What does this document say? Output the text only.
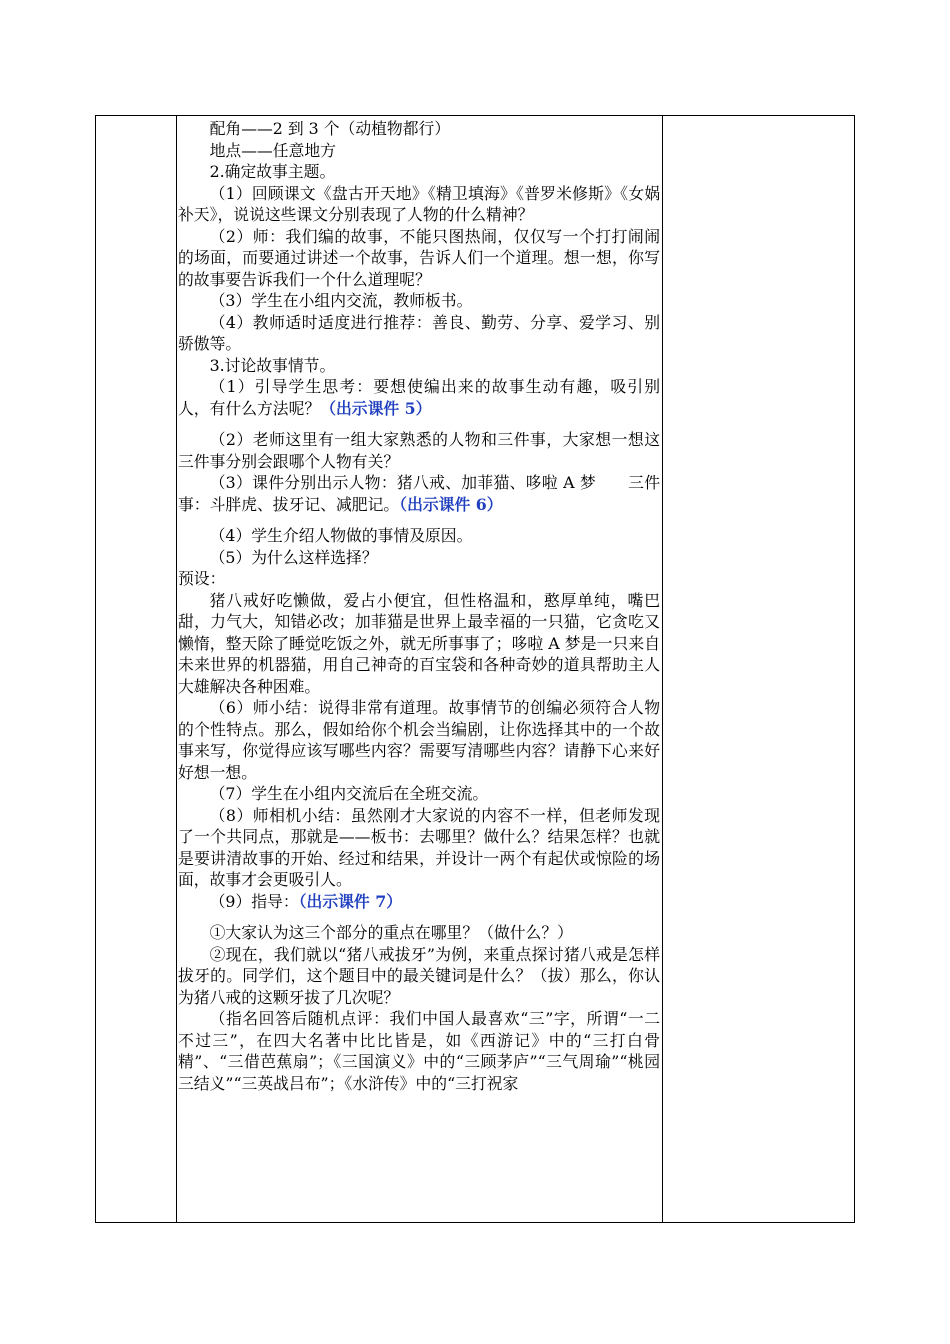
配角——2 到 3 个（动植物都行）

地点——任意地方

2.确定故事主题。

（1）回顾课文《盘古开天地》《精卫填海》《普罗米修斯》《女娲补天》，说说这些课文分别表现了人物的什么精神？

（2）师：我们编的故事，不能只图热闹，仅仅写一个打打闹闹的场面，而要通过讲述一个故事，告诉人们一个道理。想一想，你写的故事要告诉我们一个什么道理呢？

（3）学生在小组内交流，教师板书。

（4）教师适时适度进行推荐：善良、勤劳、分享、爱学习、别骄傲等。

3.讨论故事情节。

（1）引导学生思考：要想使编出来的故事生动有趣，吸引别人，有什么方法呢？（出示课件 5）

（2）老师这里有一组大家熟悉的人物和三件事，大家想一想这三件事分别会跟哪个人物有关？

（3）课件分别出示人物：猪八戒、加菲猫、哆啦 A 梦　　三件事：斗胖虎、拔牙记、减肥记。（出示课件 6）

（4）学生介绍人物做的事情及原因。

（5）为什么这样选择？

预设：

猪八戒好吃懒做，爱占小便宜，但性格温和，憨厚单纯，嘴巴甜，力气大，知错必改；加菲猫是世界上最幸福的一只猫，它贪吃又懒惰，整天除了睡觉吃饭之外，就无所事事了；哆啦 A 梦是一只来自未来世界的机器猫，用自己神奇的百宝袋和各种奇妙的道具帮助主人大雄解决各种困难。

（6）师小结：说得非常有道理。故事情节的创编必须符合人物的个性特点。那么，假如给你个机会当编剧，让你选择其中的一个故事来写，你觉得应该写哪些内容？需要写清哪些内容？请静下心来好好想一想。

（7）学生在小组内交流后在全班交流。

（8）师相机小结：虽然刚才大家说的内容不一样，但老师发现了一个共同点，那就是——板书：去哪里？做什么？结果怎样？也就是要讲清故事的开始、经过和结果，并设计一两个有起伏或惊险的场面，故事才会更吸引人。

（9）指导：（出示课件 7）

①大家认为这三个部分的重点在哪里？（做什么？）

②现在，我们就以“猪八戒拔牙”为例，来重点探讨猪八戒是怎样拔牙的。同学们，这个题目中的最关键词是什么？（拔）那么，你认为猪八戒的这颗牙拔了几次呢？

（指名回答后随机点评：我们中国人最喜欢“三”字，所谓“一二不过三”，在四大名著中比比皆是，如《西游记》中的“三打白骨精”、“三借芭蕉扇”；《三国演义》中的“三顾茅庐”“三气周瑜”“桃园三结义”“三英战吕布”；《水浒传》中的“三打祝家
